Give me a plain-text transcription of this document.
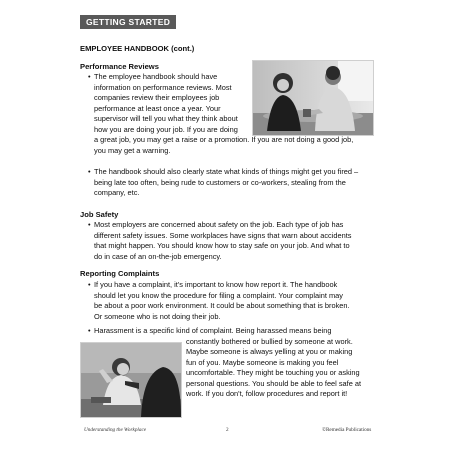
GETTING STARTED
EMPLOYEE HANDBOOK (cont.)
Performance Reviews
• The employee handbook should have
information on performance reviews. Most
companies review their employees job
performance at least once a year. Your
supervisor will tell you what they think about
how you are doing your job. If you are doing
a great job, you may get a raise or a promotion. If you are not doing a good job,
you may get a warning.
• The handbook should also clearly state what kinds of things might get you fired –
being late too often, being rude to customers or co-workers, stealing from the
company, etc.
Job Safety
• Most employers are concerned about safety on the job. Each type of job has
different safety issues. Some workplaces have signs that warn about accidents
that might happen. You should know how to stay safe on your job. And what to
do in case of an on-the-job emergency.
Reporting Complaints
• If you have a complaint, it's important to know how report it. The handbook
should let you know the procedure for filing a complaint. Your complaint may
be about a poor work environment. It could be about something that is broken.
Or someone who is not doing their job.
• Harassment is a specific kind of complaint. Being harassed means being
constantly bothered or bullied by someone at work.
Maybe someone is always yelling at you or making
fun of you. Maybe someone is making you feel
uncomfortable. They might be touching you or asking
personal questions. You should be able to feel safe at
work. If you don't, follow procedures and report it!
Understanding the Workplace	2	©Remedia Publications
